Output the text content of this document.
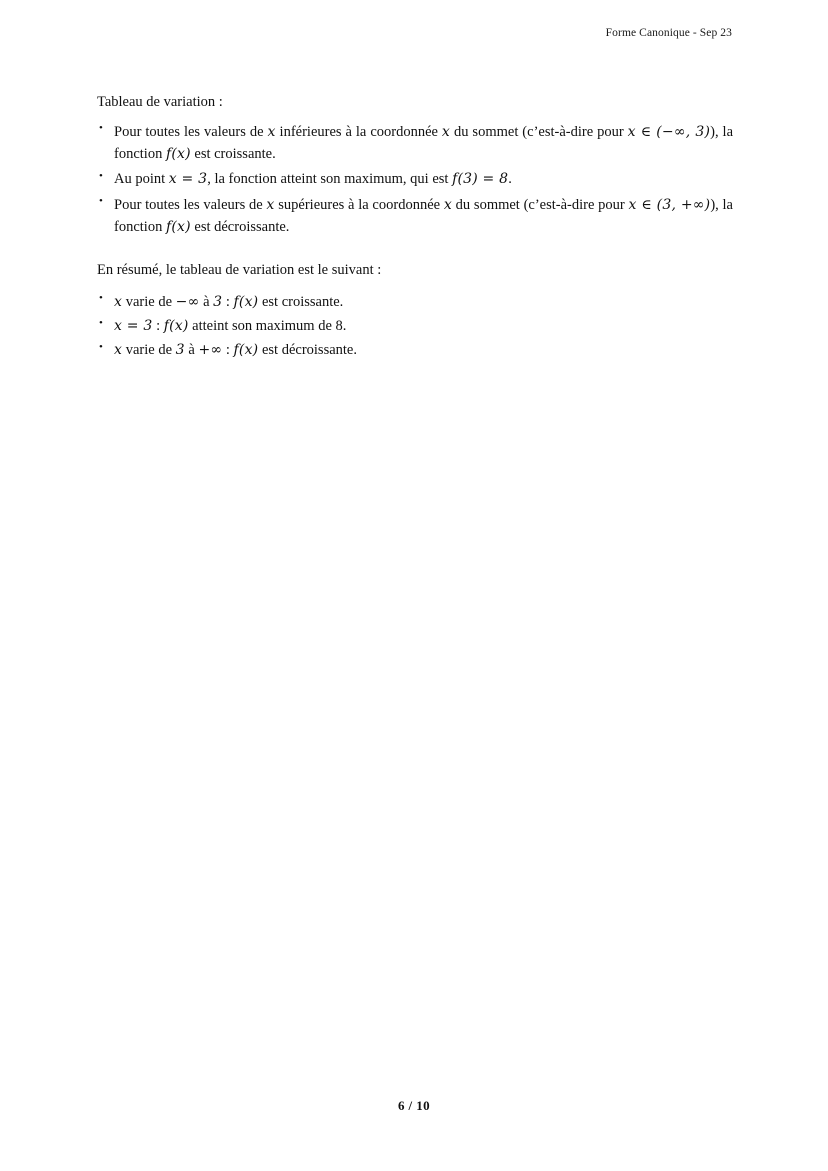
Forme Canonique - Sep 23

Tableau de variation :

• Pour toutes les valeurs de x inférieures à la coordonnée x du sommet (c’est-à-dire pour x ∈ (−∞, 3)), la fonction f(x) est croissante.
• Au point x = 3, la fonction atteint son maximum, qui est f(3) = 8.
• Pour toutes les valeurs de x supérieures à la coordonnée x du sommet (c’est-à-dire pour x ∈ (3, +∞)), la fonction f(x) est décroissante.

En résumé, le tableau de variation est le suivant :

• x varie de −∞ à 3 : f(x) est croissante.
• x = 3 : f(x) atteint son maximum de 8.
• x varie de 3 à +∞ : f(x) est décroissante.
6 / 10
